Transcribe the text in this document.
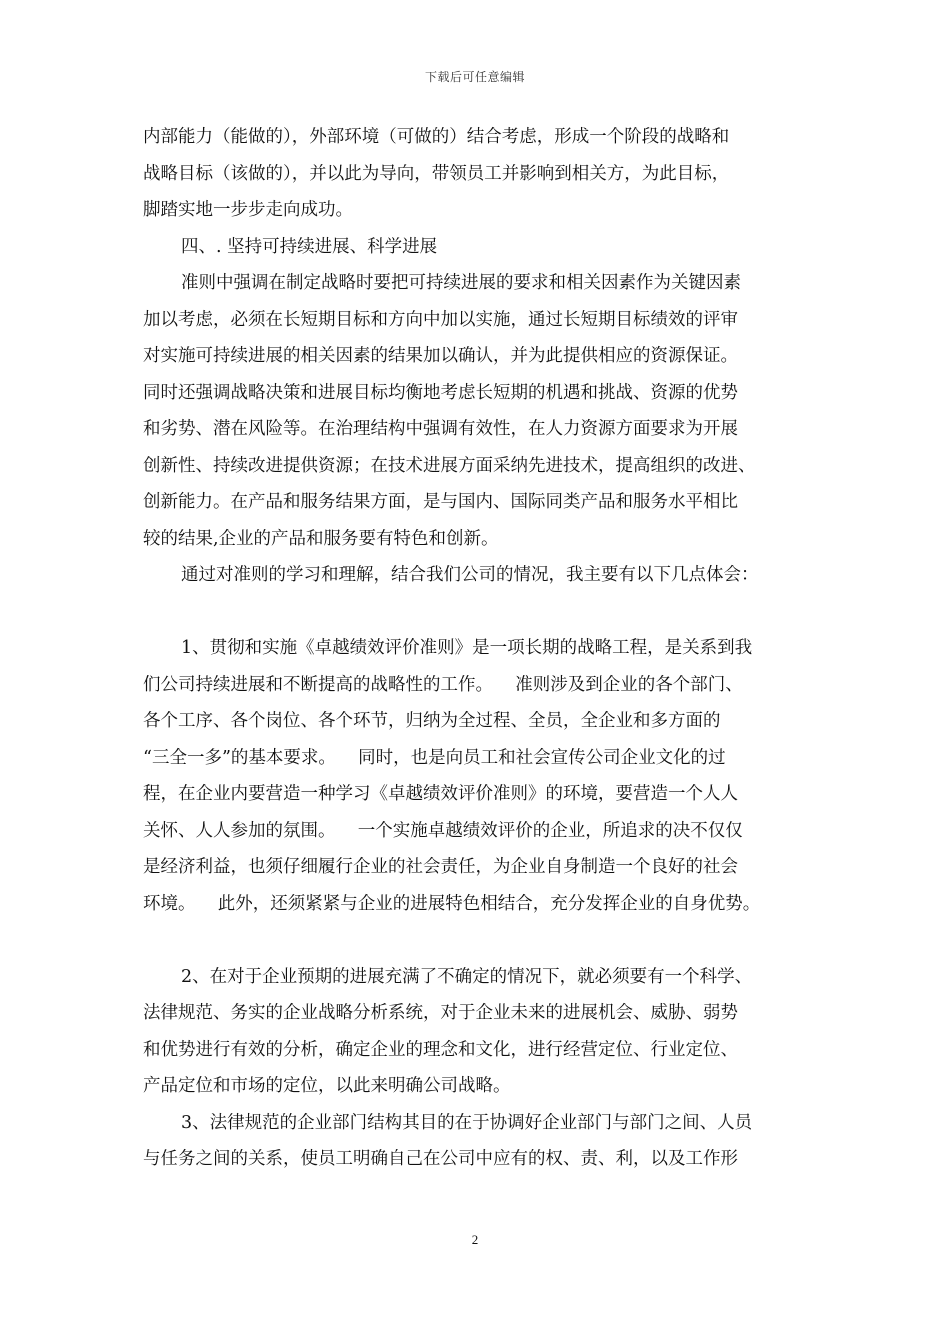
下载后可任意编辑
内部能力（能做的），外部环境（可做的）结合考虑，形成一个阶段的战略和
战略目标（该做的），并以此为导向，带领员工并影响到相关方，为此目标，
脚踏实地一步步走向成功。
四、. 坚持可持续进展、科学进展
准则中强调在制定战略时要把可持续进展的要求和相关因素作为关键因素
加以考虑，必须在长短期目标和方向中加以实施，通过长短期目标绩效的评审
对实施可持续进展的相关因素的结果加以确认，并为此提供相应的资源保证。
同时还强调战略决策和进展目标均衡地考虑长短期的机遇和挑战、资源的优势
和劣势、潜在风险等。在治理结构中强调有效性，在人力资源方面要求为开展
创新性、持续改进提供资源；在技术进展方面采纳先进技术，提高组织的改进、
创新能力。在产品和服务结果方面，是与国内、国际同类产品和服务水平相比
较的结果,企业的产品和服务要有特色和创新。
通过对准则的学习和理解，结合我们公司的情况，我主要有以下几点体会：
1、贯彻和实施《卓越绩效评价准则》是一项长期的战略工程，是关系到我
们公司持续进展和不断提高的战略性的工作。    准则涉及到企业的各个部门、
各个工序、各个岗位、各个环节，归纳为全过程、全员，全企业和多方面的
“三全一多”的基本要求。    同时，也是向员工和社会宣传公司企业文化的过
程，在企业内要营造一种学习《卓越绩效评价准则》的环境，要营造一个人人
关怀、人人参加的氛围。    一个实施卓越绩效评价的企业，所追求的决不仅仅
是经济利益，也须仔细履行企业的社会责任，为企业自身制造一个良好的社会
环境。    此外，还须紧紧与企业的进展特色相结合，充分发挥企业的自身优势。
2、在对于企业预期的进展充满了不确定的情况下，就必须要有一个科学、
法律规范、务实的企业战略分析系统，对于企业未来的进展机会、威胁、弱势
和优势进行有效的分析，确定企业的理念和文化，进行经营定位、行业定位、
产品定位和市场的定位，以此来明确公司战略。
3、法律规范的企业部门结构其目的在于协调好企业部门与部门之间、人员
与任务之间的关系，使员工明确自己在公司中应有的权、责、利，以及工作形
2
